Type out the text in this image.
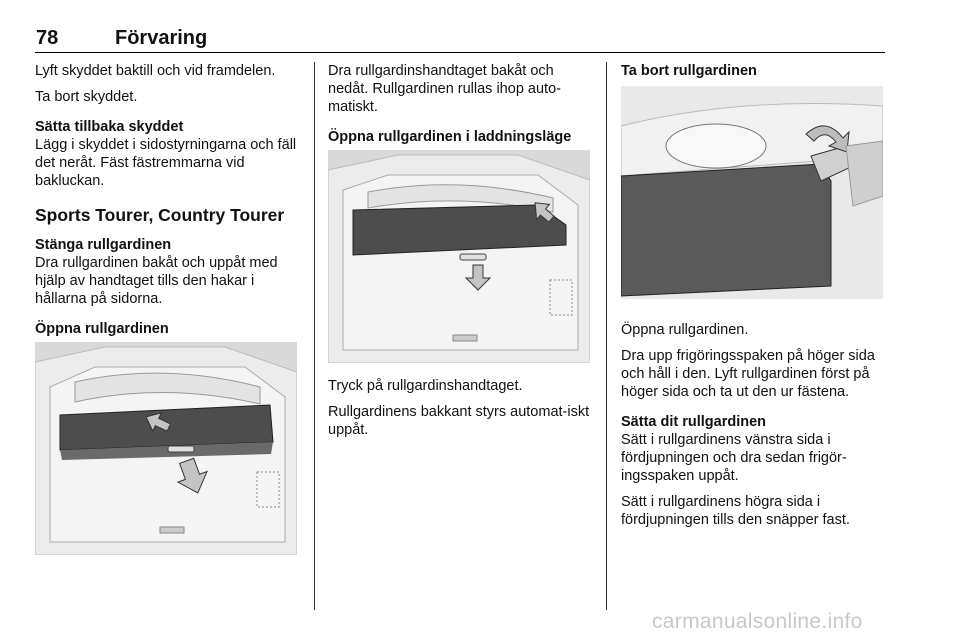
78	Förvaring

Lyft skyddet baktill och vid framdelen.

Ta bort skyddet.

Sätta tillbaka skyddet

Lägg i skyddet i sidostyrningarna och fäll det neråt. Fäst fästremmarna vid bakluckan.

Sports Tourer, Country Tourer

Stänga rullgardinen

Dra rullgardinen bakåt och uppåt med hjälp av handtaget tills den hakar i hållarna på sidorna.

Öppna rullgardinen

Dra rullgardinshandtaget bakåt och nedåt. Rullgardinen rullas ihop auto-matiskt.

Öppna rullgardinen i laddningsläge

Tryck på rullgardinshandtaget.

Rullgardinens bakkant styrs automat-iskt uppåt.

Ta bort rullgardinen

Öppna rullgardinen.

Dra upp frigöringsspaken på höger sida och håll i den. Lyft rullgardinen först på höger sida och ta ut den ur fästena.

Sätta dit rullgardinen

Sätt i rullgardinens vänstra sida i fördjupningen och dra sedan frigör-ingsspaken uppåt.

Sätt i rullgardinens högra sida i fördjupningen tills den snäpper fast.

carmanualsonline.info
